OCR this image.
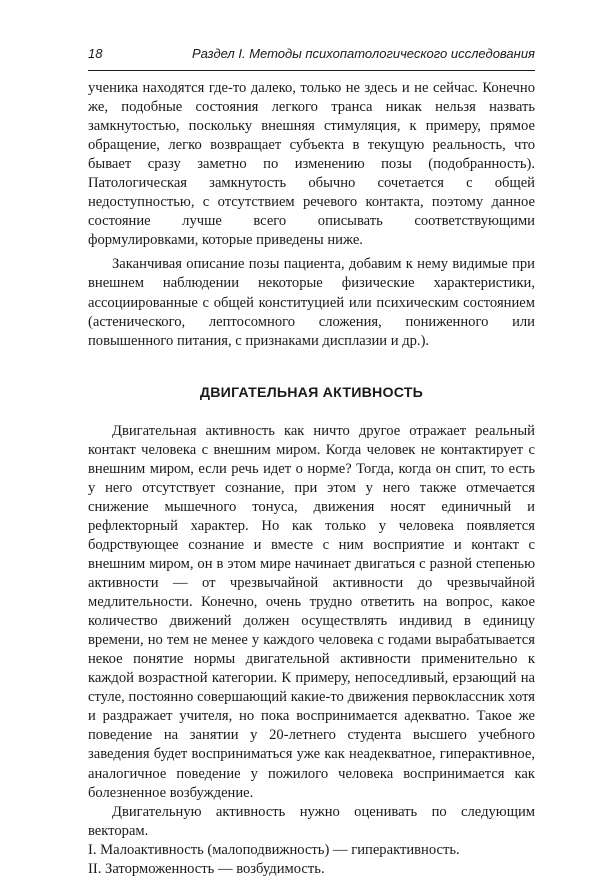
18	Раздел I. Методы психопатологического исследования

ученика находятся где-то далеко, только не здесь и не сейчас. Конечно же, подобные состояния легкого транса никак нельзя назвать замкнутостью, поскольку внешняя стимуляция, к примеру, прямое обращение, легко возвращает субъекта в текущую реальность, что бывает сразу заметно по изменению позы (подобранность). Патологическая замкнутость обычно сочетается с общей недоступностью, с отсутствием речевого контакта, поэтому данное состояние лучше всего описывать соответствующими формулировками, которые приведены ниже.

Заканчивая описание позы пациента, добавим к нему видимые при внешнем наблюдении некоторые физические характеристики, ассоциированные с общей конституцией или психическим состоянием (астенического, лептосомного сложения, пониженного или повышенного питания, с признаками дисплазии и др.).

ДВИГАТЕЛЬНАЯ АКТИВНОСТЬ

Двигательная активность как ничто другое отражает реальный контакт человека с внешним миром. Когда человек не контактирует с внешним миром, если речь идет о норме? Тогда, когда он спит, то есть у него отсутствует сознание, при этом у него также отмечается снижение мышечного тонуса, движения носят единичный и рефлекторный характер. Но как только у человека появляется бодрствующее сознание и вместе с ним восприятие и контакт с внешним миром, он в этом мире начинает двигаться с разной степенью активности — от чрезвычайной активности до чрезвычайной медлительности. Конечно, очень трудно ответить на вопрос, какое количество движений должен осуществлять индивид в единицу времени, но тем не менее у каждого человека с годами вырабатывается некое понятие нормы двигательной активности применительно к каждой возрастной категории. К примеру, непоседливый, ерзающий на стуле, постоянно совершающий какие-то движения первоклассник хотя и раздражает учителя, но пока воспринимается адекватно. Такое же поведение на занятии у 20-летнего студента высшего учебного заведения будет восприниматься уже как неадекватное, гиперактивное, аналогичное поведение у пожилого человека воспринимается как болезненное возбуждение.

Двигательную активность нужно оценивать по следующим векторам.

I. Малоактивность (малоподвижность) — гиперактивность.

II. Заторможенность — возбудимость.
